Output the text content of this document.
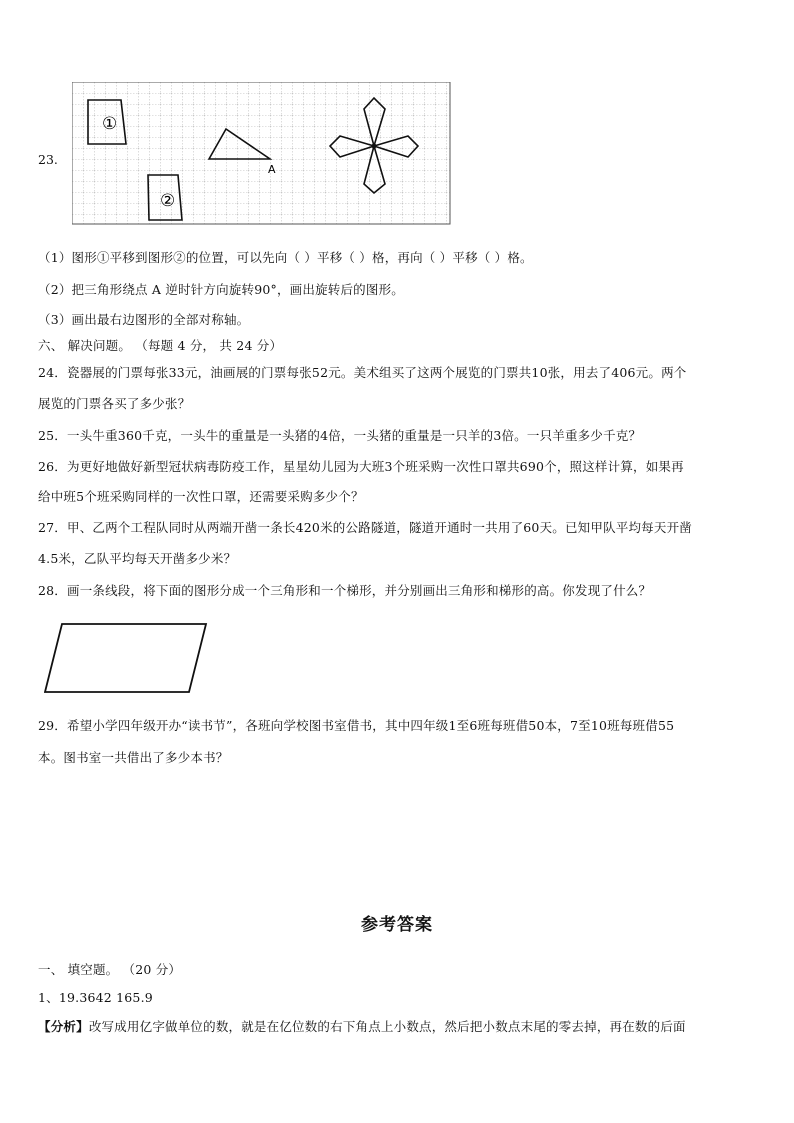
23.
①
②
A
（1）图形①平移到图形②的位置，可以先向（ ）平移（ ）格，再向（ ）平移（ ）格。
（2）把三角形绕点 A 逆时针方向旋转90°，画出旋转后的图形。
（3）画出最右边图形的全部对称轴。
六、 解决问题。 （每题 4 分， 共 24 分）
24．瓷器展的门票每张33元，油画展的门票每张52元。美术组买了这两个展览的门票共10张，用去了406元。两个
展览的门票各买了多少张？
25．一头牛重360千克，一头牛的重量是一头猪的4倍，一头猪的重量是一只羊的3倍。一只羊重多少千克？
26．为更好地做好新型冠状病毒防疫工作，星星幼儿园为大班3个班采购一次性口罩共690个，照这样计算，如果再
给中班5个班采购同样的一次性口罩，还需要采购多少个？
27．甲、乙两个工程队同时从两端开凿一条长420米的公路隧道，隧道开通时一共用了60天。已知甲队平均每天开凿
4.5米，乙队平均每天开凿多少米？
28．画一条线段，将下面的图形分成一个三角形和一个梯形，并分别画出三角形和梯形的高。你发现了什么？
29．希望小学四年级开办“读书节”，各班向学校图书室借书，其中四年级1至6班每班借50本，7至10班每班借55
本。图书室一共借出了多少本书？
参考答案
一、 填空题。 （20 分）
1、19.3642 165.9
【分析】改写成用亿字做单位的数，就是在亿位数的右下角点上小数点，然后把小数点末尾的零去掉，再在数的后面
